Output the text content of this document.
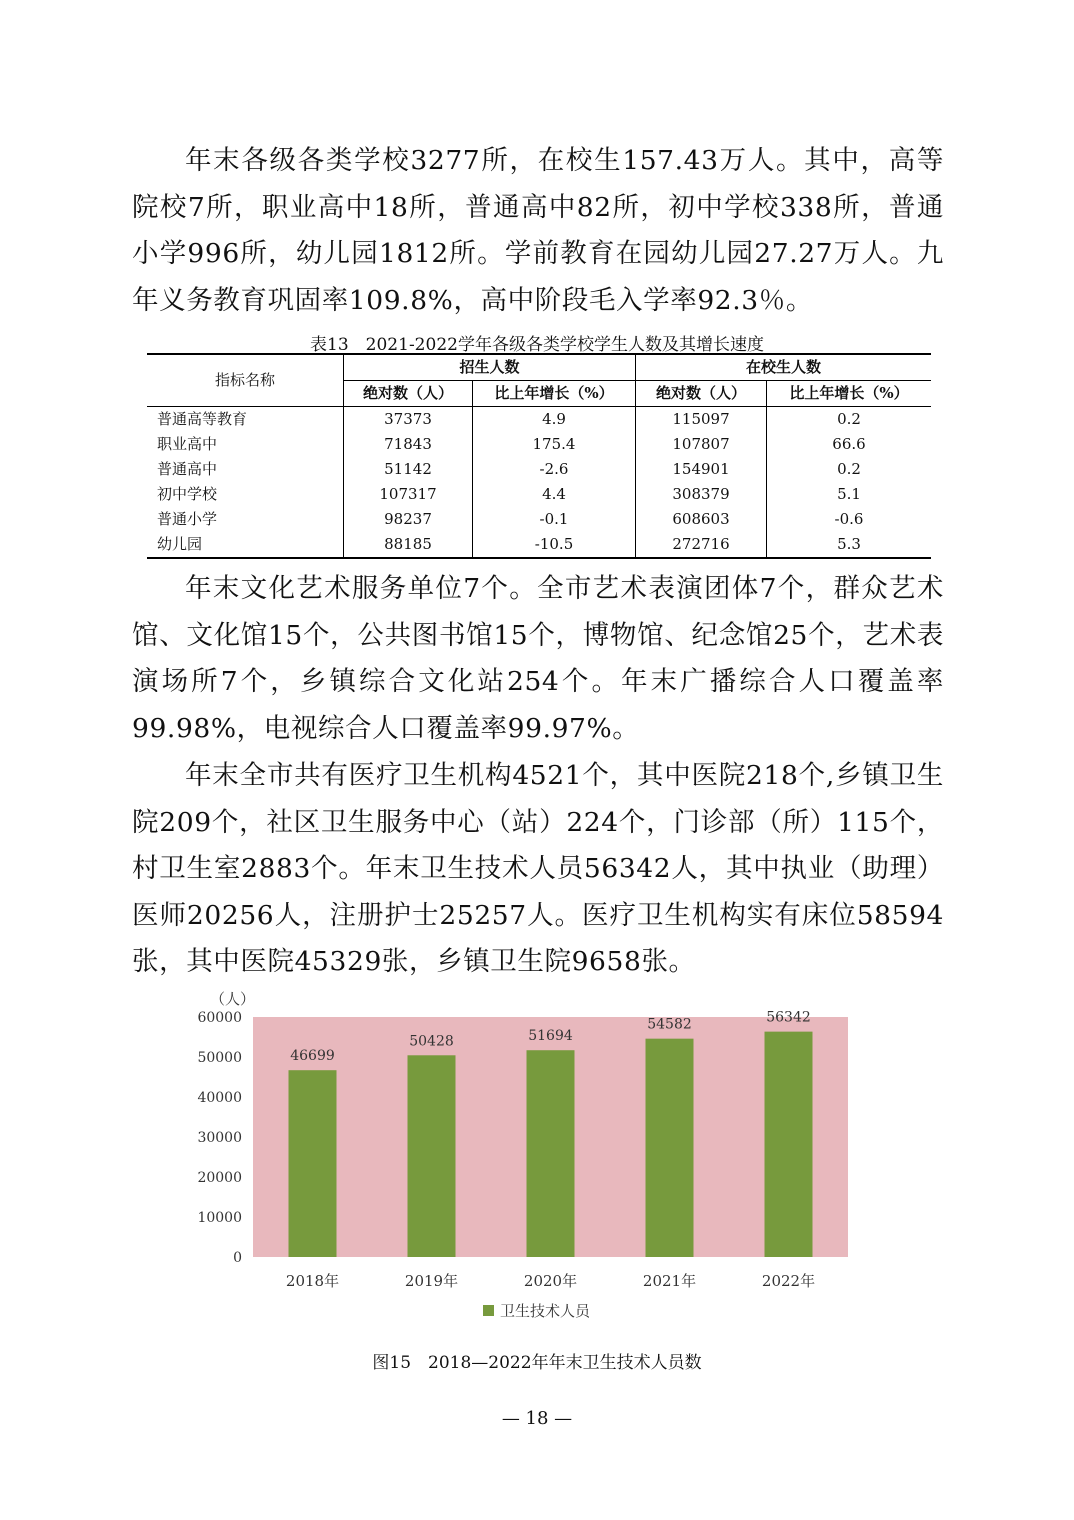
年末各级各类学校3277所，在校生157.43万人。其中，高等院校7所，职业高中18所，普通高中82所，初中学校338所，普通小学996所，幼儿园1812所。学前教育在园幼儿园27.27万人。九年义务教育巩固率109.8%，高中阶段毛入学率92.3％。

表13　2021-2022学年各级各类学校学生人数及其增长速度
指标名称	招生人数		在校生人数	
	绝对数（人）	比上年增长（%）	绝对数（人）	比上年增长（%）
普通高等教育	37373	4.9	115097	0.2
职业高中	71843	175.4	107807	66.6
普通高中	51142	-2.6	154901	0.2
初中学校	107317	4.4	308379	5.1
普通小学	98237	-0.1	608603	-0.6
幼儿园	88185	-10.5	272716	5.3

年末文化艺术服务单位7个。全市艺术表演团体7个，群众艺术馆、文化馆15个，公共图书馆15个，博物馆、纪念馆25个，艺术表演场所7个，乡镇综合文化站254个。年末广播综合人口覆盖率99.98%，电视综合人口覆盖率99.97%。

年末全市共有医疗卫生机构4521个，其中医院218个,乡镇卫生院209个，社区卫生服务中心（站）224个，门诊部（所）115个，村卫生室2883个。年末卫生技术人员56342人，其中执业（助理）医师20256人，注册护士25257人。医疗卫生机构实有床位58594张，其中医院45329张，乡镇卫生院9658张。

（人）
0
10000
20000
30000
40000
50000
60000
46699
2018年
50428
2019年
51694
2020年
54582
2021年
56342
2022年
卫生技术人员
图15　2018—2022年年末卫生技术人员数
— 18 —
